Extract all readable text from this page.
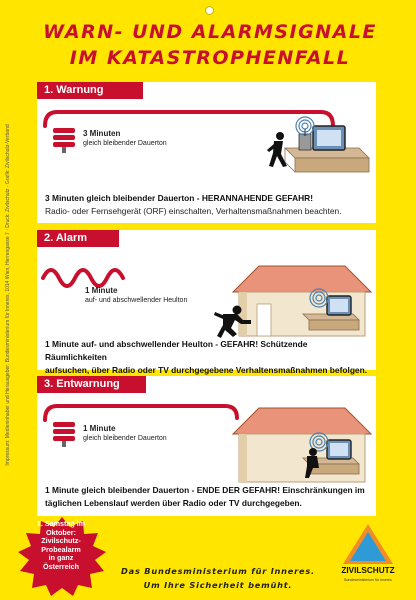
Impressum: Medieninhaber und Herausgeber: Bundesministerium für Inneres, 1014 Wien, Herrengasse 7 · Druck: Zivilschutz · Grafik: Zivilschutz-Verband
WARN- UND ALARMSIGNALE
IM KATASTROPHENFALL
1. Warnung
3 Minuten
gleich bleibender Dauerton
3 Minuten gleich bleibender Dauerton - HERANNAHENDE GEFAHR!
Radio- oder Fernsehgerät (ORF) einschalten, Verhaltensmaßnahmen beachten.
2. Alarm
1 Minute
auf- und abschwellender Heulton
1 Minute auf- und abschwellender Heulton - GEFAHR! Schützende Räumlichkeiten
aufsuchen, über Radio oder TV durchgegebene Verhaltensmaßnahmen befolgen.
3. Entwarnung
1 Minute
gleich bleibender Dauerton
1 Minute gleich bleibender Dauerton - ENDE DER GEFAHR! Einschränkungen im
täglichen Lebenslauf werden über Radio oder TV durchgegeben.
1. Samstag im
Oktober:
Zivilschutz-
Probealarm
in ganz
Österreich	Das Bundesministerium für Inneres.
Um Ihre Sicherheit bemüht.
ZIVILSCHUTZ
Bundesministerium für Inneres
